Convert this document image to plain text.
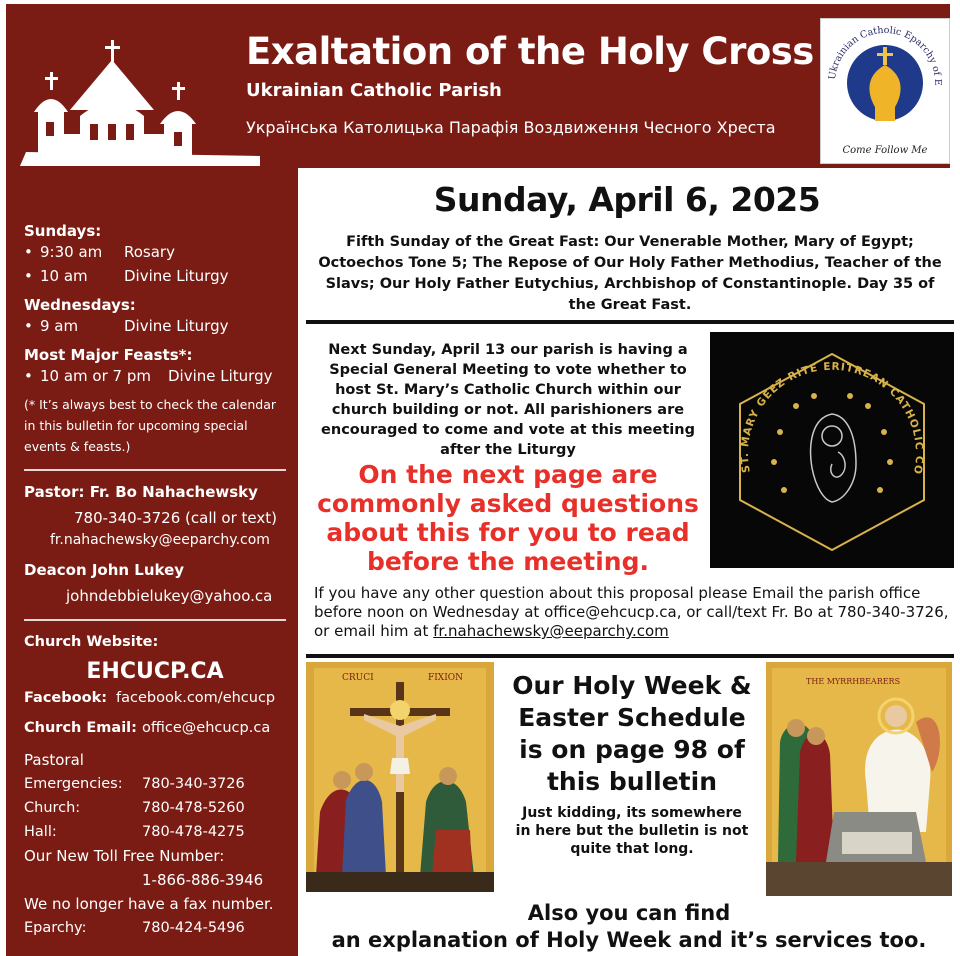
Exaltation of the Holy Cross
Ukrainian Catholic Parish
Українська Католицька Парафія Воздвиження Чесного Хреста
Ukrainian Catholic Eparchy of E
Come Follow Me
Sundays:
• 9:30 am	Rosary
• 10 am	Divine Liturgy
Wednesdays:
• 9 am	Divine Liturgy
Most Major Feasts*:
• 10 am or 7 pm	Divine Liturgy
(* It’s always best to check the calendar in this bulletin for upcoming special events & feasts.)
Pastor: Fr. Bo Nahachewsky
780-340-3726 (call or text)
fr.nahachewsky@eeparchy.com
Deacon John Lukey
johndebbielukey@yahoo.ca
Church Website:
EHCUCP.CA
Facebook: facebook.com/ehcucp
Church Email: office@ehcucp.ca
Pastoral
Emergencies:	780-340-3726
Church:	780-478-5260
Hall:	780-478-4275
Our New Toll Free Number:
1-866-886-3946
We no longer have a fax number.
Eparchy:	780-424-5496
Sunday, April 6, 2025
Fifth Sunday of the Great Fast: Our Venerable Mother, Mary of Egypt; Octoechos Tone 5; The Repose of Our Holy Father Methodius, Teacher of the Slavs; Our Holy Father Eutychius, Archbishop of Constantinople. Day 35 of the Great Fast.
Next Sunday, April 13 our parish is having a Special General Meeting to vote whether to host St. Mary’s Catholic Church within our church building or not. All parishioners are encouraged to come and vote at this meeting after the Liturgy
On the next page are commonly asked questions about this for you to read before the meeting.
ST. MARY GEEZ RITE ERITREAN CATHOLIC CO
If you have any other question about this proposal please Email the parish office before noon on Wednesday at office@ehcucp.ca, or call/text Fr. Bo at 780-340-3726, or email him at fr.nahachewsky@eeparchy.com
CRUCI	FIXION	Our Holy Week & Easter Schedule is on page 98 of this bulletin
Just kidding, its somewhere in here but the bulletin is not quite that long.
THE MYRRHBEARERS
Also you can find
an explanation of Holy Week and it’s services too.
